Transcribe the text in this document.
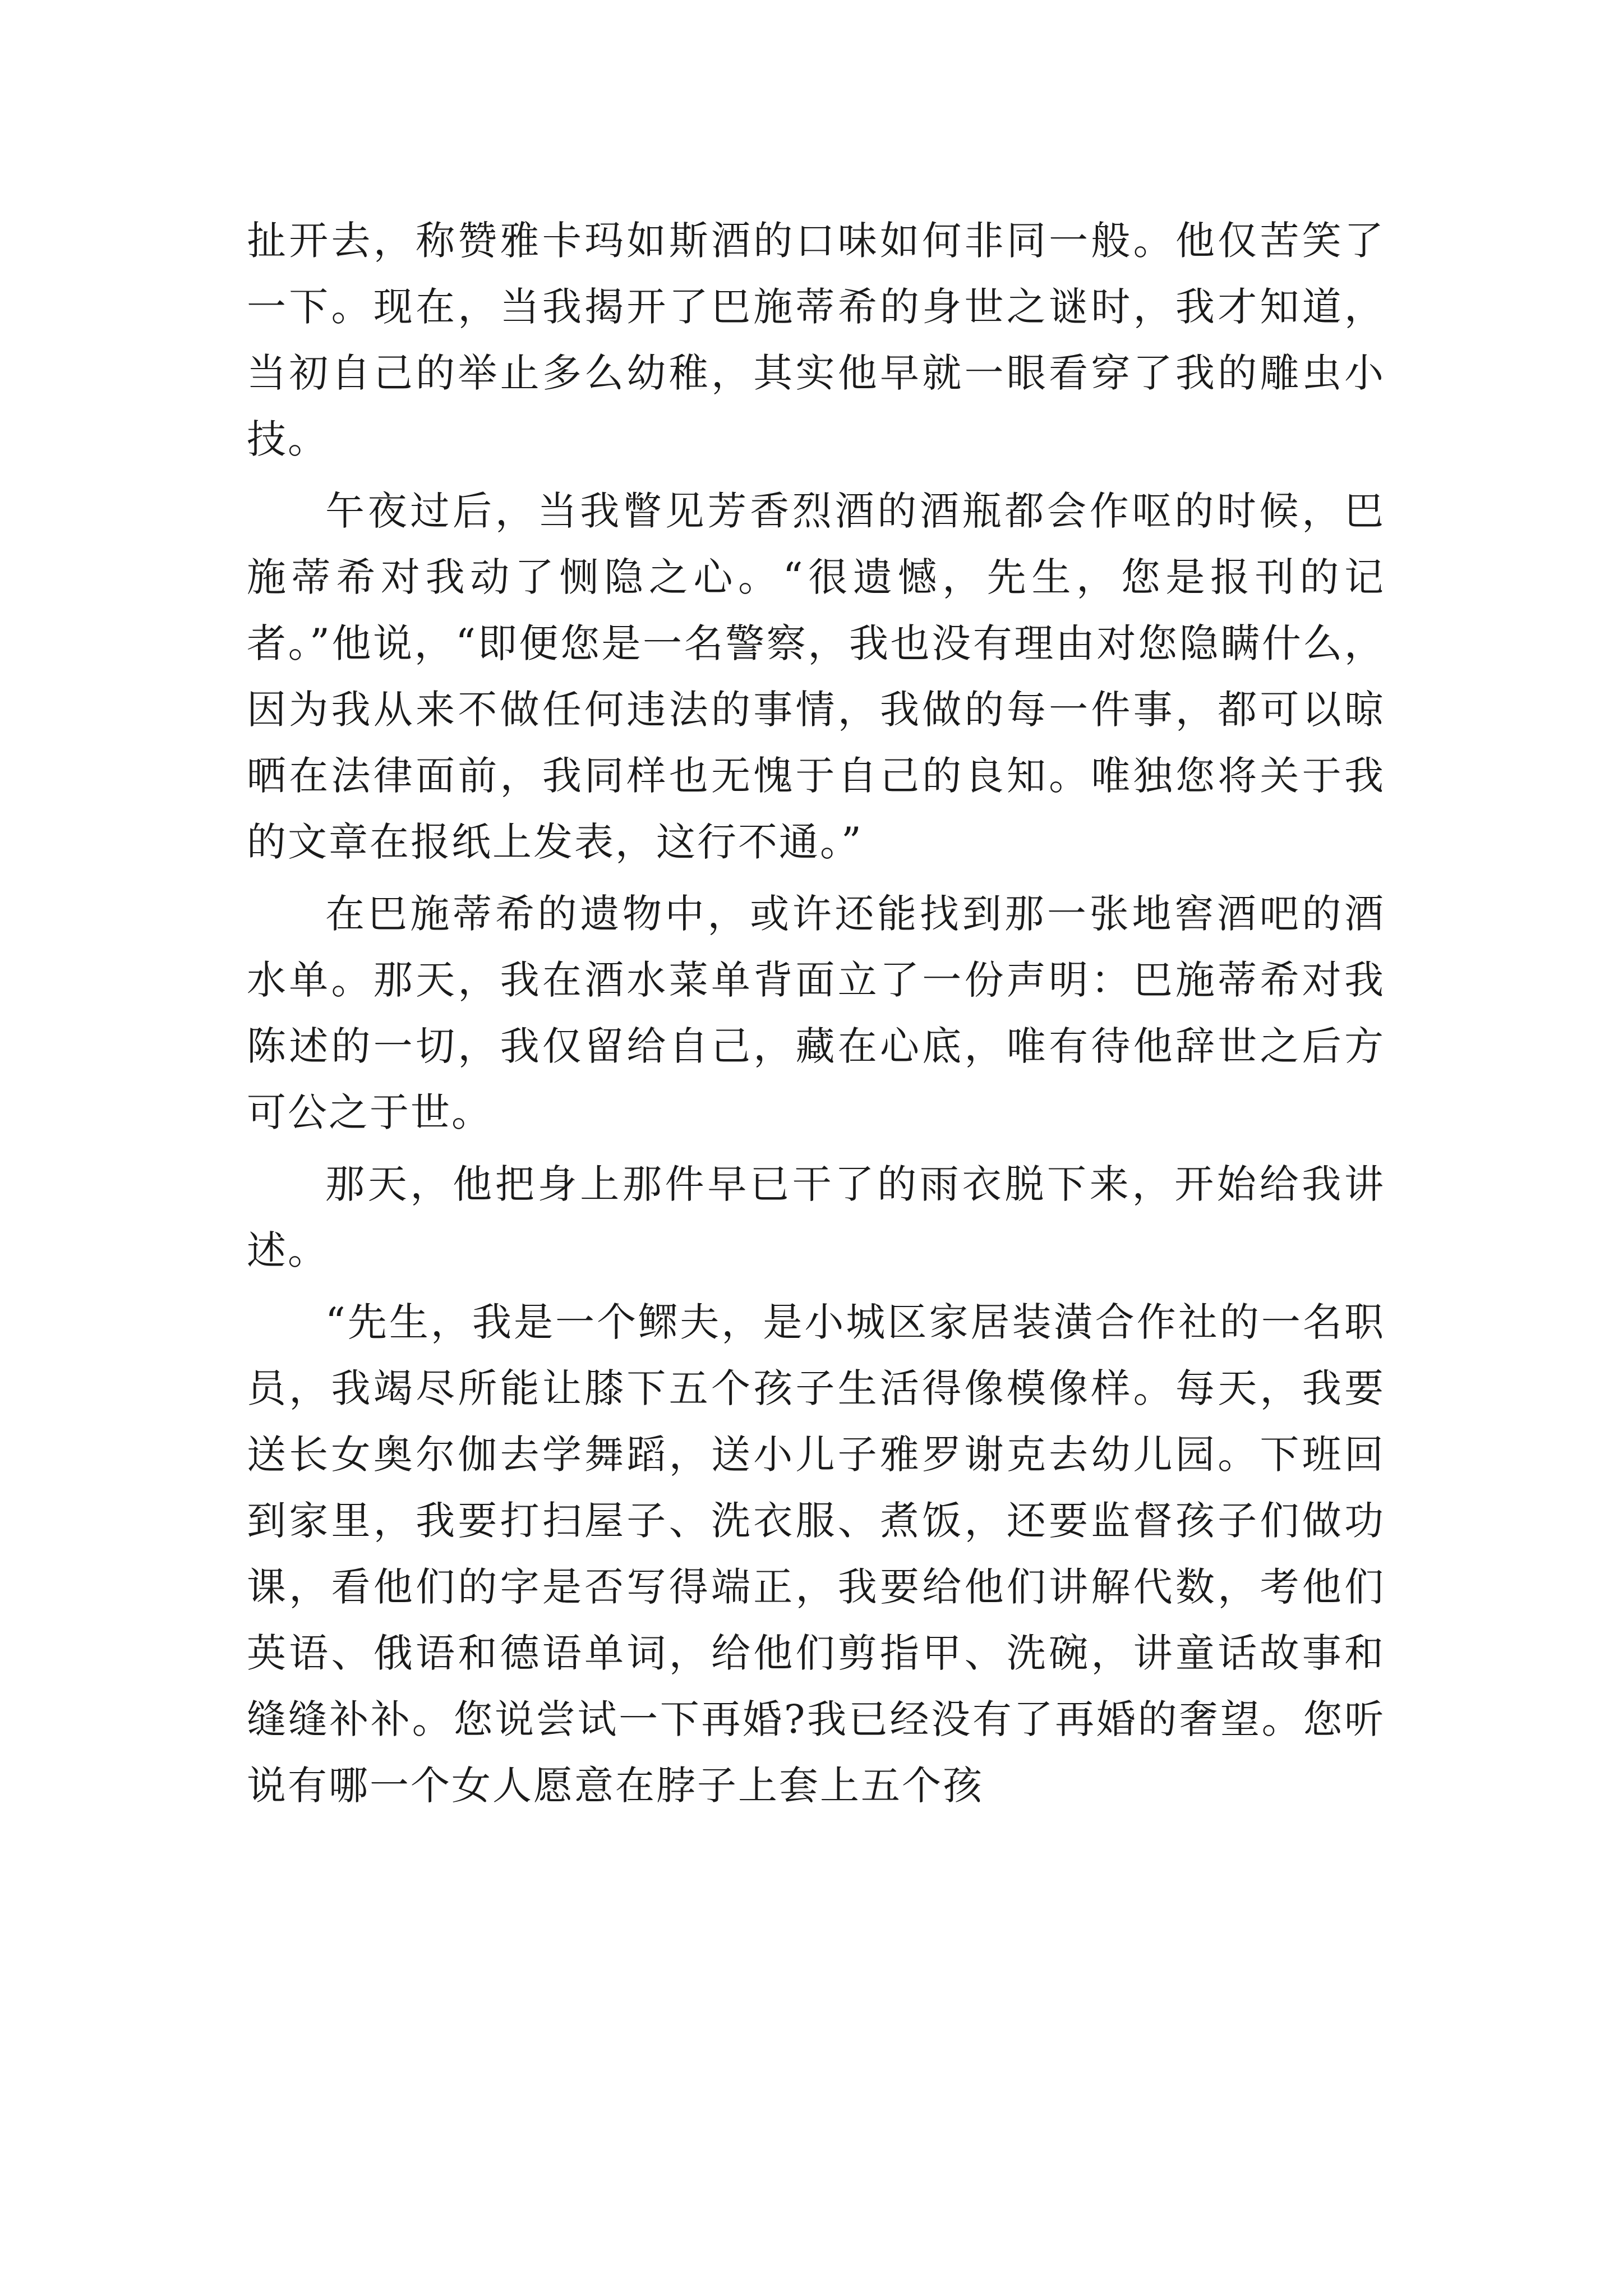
扯开去，称赞雅卡玛如斯酒的口味如何非同一般。他仅苦笑了一下。现在，当我揭开了巴施蒂希的身世之谜时，我才知道，当初自己的举止多么幼稚，其实他早就一眼看穿了我的雕虫小技。

午夜过后，当我瞥见芳香烈酒的酒瓶都会作呕的时候，巴施蒂希对我动了恻隐之心。“很遗憾，先生，您是报刊的记者。”他说，“即便您是一名警察，我也没有理由对您隐瞒什么，因为我从来不做任何违法的事情，我做的每一件事，都可以晾晒在法律面前，我同样也无愧于自己的良知。唯独您将关于我的文章在报纸上发表，这行不通。”

在巴施蒂希的遗物中，或许还能找到那一张地窖酒吧的酒水单。那天，我在酒水菜单背面立了一份声明：巴施蒂希对我陈述的一切，我仅留给自己，藏在心底，唯有待他辞世之后方可公之于世。

那天，他把身上那件早已干了的雨衣脱下来，开始给我讲述。

“先生，我是一个鳏夫，是小城区家居装潢合作社的一名职员，我竭尽所能让膝下五个孩子生活得像模像样。每天，我要送长女奥尔伽去学舞蹈，送小儿子雅罗谢克去幼儿园。下班回到家里，我要打扫屋子、洗衣服、煮饭，还要监督孩子们做功课，看他们的字是否写得端正，我要给他们讲解代数，考他们英语、俄语和德语单词，给他们剪指甲、洗碗，讲童话故事和缝缝补补。您说尝试一下再婚?我已经没有了再婚的奢望。您听说有哪一个女人愿意在脖子上套上五个孩
